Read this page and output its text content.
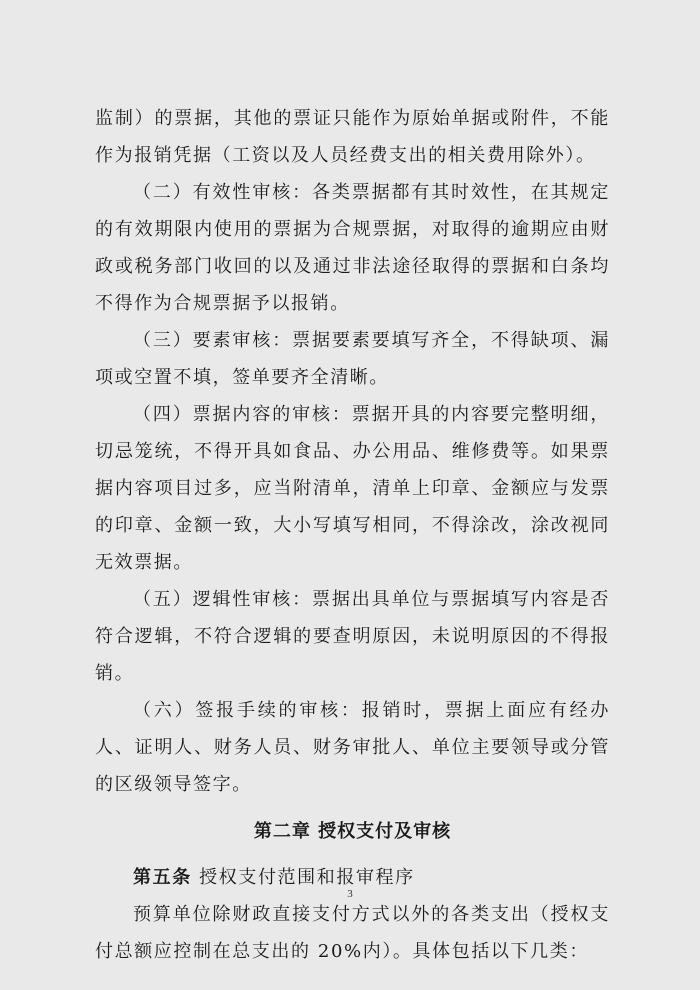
监制）的票据，其他的票证只能作为原始单据或附件，不能作为报销凭据（工资以及人员经费支出的相关费用除外）。

（二）有效性审核：各类票据都有其时效性，在其规定的有效期限内使用的票据为合规票据，对取得的逾期应由财政或税务部门收回的以及通过非法途径取得的票据和白条均不得作为合规票据予以报销。

（三）要素审核：票据要素要填写齐全，不得缺项、漏项或空置不填，签单要齐全清晰。

（四）票据内容的审核：票据开具的内容要完整明细，切忌笼统，不得开具如食品、办公用品、维修费等。如果票据内容项目过多，应当附清单，清单上印章、金额应与发票的印章、金额一致，大小写填写相同，不得涂改，涂改视同无效票据。

（五）逻辑性审核：票据出具单位与票据填写内容是否符合逻辑，不符合逻辑的要查明原因，未说明原因的不得报销。

（六）签报手续的审核：报销时，票据上面应有经办人、证明人、财务人员、财务审批人、单位主要领导或分管的区级领导签字。

第二章 授权支付及审核

第五条 授权支付范围和报审程序

预算单位除财政直接支付方式以外的各类支出（授权支付总额应控制在总支出的 20%内）。具体包括以下几类：

3
